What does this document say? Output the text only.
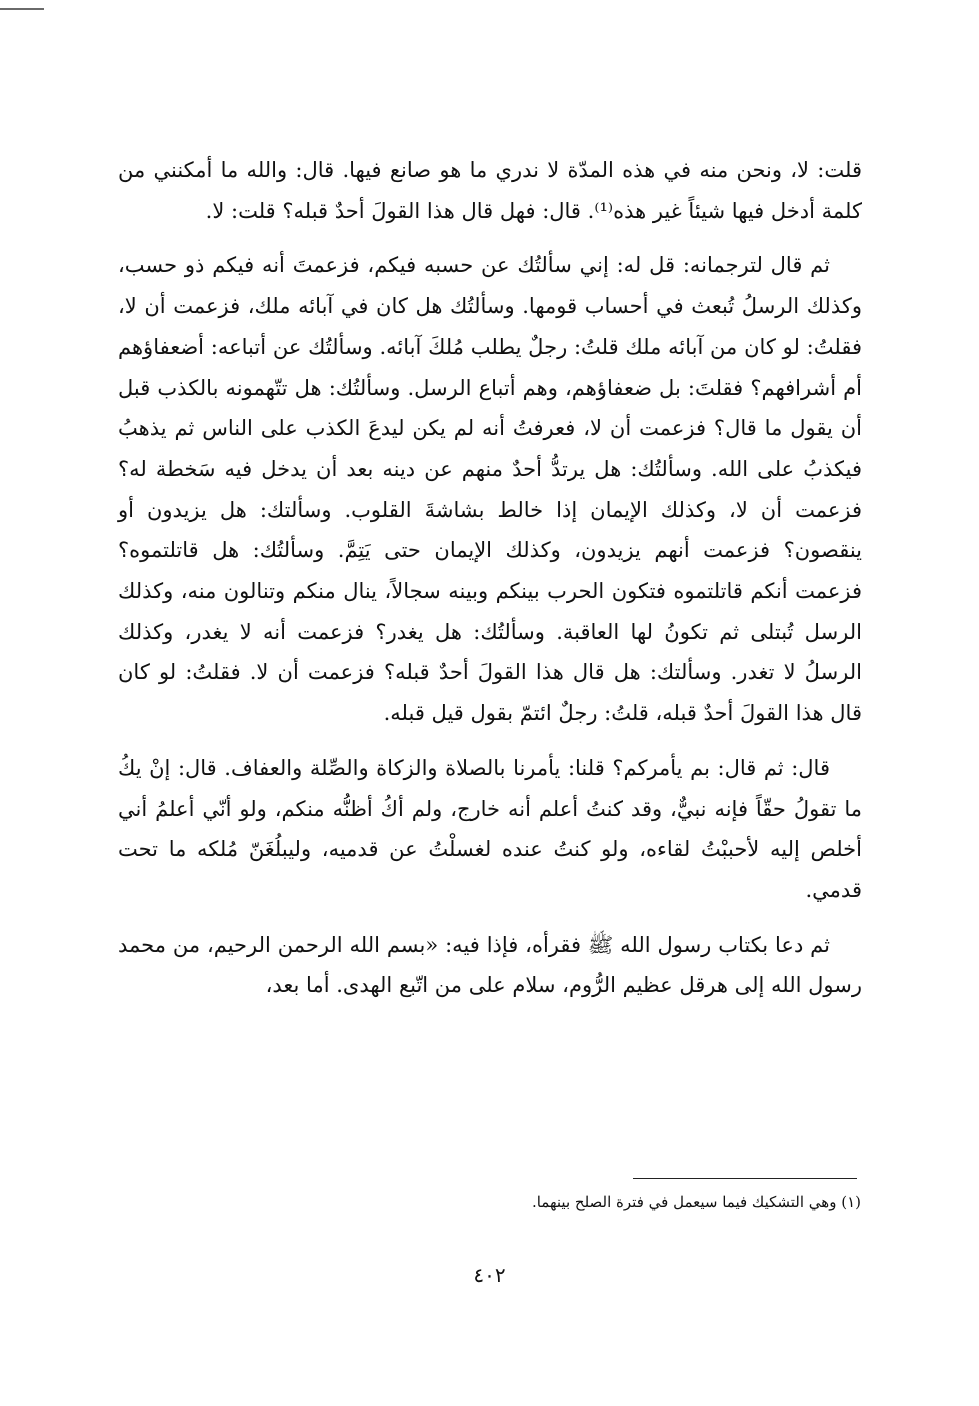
قلت: لا، ونحن منه في هذه المدّة لا ندري ما هو صانع فيها. قال: والله ما أمكنني من كلمة أدخل فيها شيئاً غير هذه⁽¹⁾. قال: فهل قال هذا القولَ أحدٌ قبله؟ قلت: لا.

ثم قال لترجمانه: قل له: إني سألتُك عن حسبه فيكم، فزعمتَ أنه فيكم ذو حسب، وكذلك الرسلُ تُبعث في أحساب قومها. وسألتُك هل كان في آبائه ملك، فزعمت أن لا، فقلتُ: لو كان من آبائه ملك قلتُ: رجلٌ يطلب مُلكَ آبائه. وسألتُك عن أتباعه: أضعفاؤهم أم أشرافهم؟ فقلتَ: بل ضعفاؤهم، وهم أتباع الرسل. وسألتُك: هل تتّهمونه بالكذب قبل أن يقول ما قال؟ فزعمت أن لا، فعرفتُ أنه لم يكن ليدعَ الكذب على الناس ثم يذهبُ فيكذبُ على الله. وسألتُك: هل يرتدُّ أحدٌ منهم عن دينه بعد أن يدخل فيه سَخطة له؟ فزعمت أن لا، وكذلك الإيمان إذا خالط بشاشةَ القلوب. وسألتك: هل يزيدون أو ينقصون؟ فزعمت أنهم يزيدون، وكذلك الإيمان حتى يَتِمَّ. وسألتُك: هل قاتلتموه؟ فزعمت أنكم قاتلتموه فتكون الحرب بينكم وبينه سجالاً، ينال منكم وتنالون منه، وكذلك الرسل تُبتلى ثم تكونُ لها العاقبة. وسألتُك: هل يغدر؟ فزعمت أنه لا يغدر، وكذلك الرسلُ لا تغدر. وسألتك: هل قال هذا القولَ أحدٌ قبله؟ فزعمت أن لا. فقلتُ: لو كان قال هذا القولَ أحدٌ قبله، قلتُ: رجلٌ ائتمّ بقول قيل قبله.

قال: ثم قال: بم يأمركم؟ قلنا: يأمرنا بالصلاة والزكاة والصِّلة والعفاف. قال: إنْ يكُ ما تقولُ حقّاً فإنه نبيٌّ، وقد كنتُ أعلم أنه خارج، ولم أكُ أظنُّه منكم، ولو أنّي أعلمُ أني أخلص إليه لأحببْتُ لقاءه، ولو كنتُ عنده لغسلْتُ عن قدميه، وليبلُغَنّ مُلكه ما تحت قدمي.

ثم دعا بكتاب رسول الله ﷺ فقرأه، فإذا فيه: «بسم الله الرحمن الرحيم، من محمد رسول الله إلى هرقل عظيم الرُّوم، سلام على من اتّبع الهدى. أما بعد،

(١) وهي التشكيك فيما سيعمل في فترة الصلح بينهما.
٤٠٢
